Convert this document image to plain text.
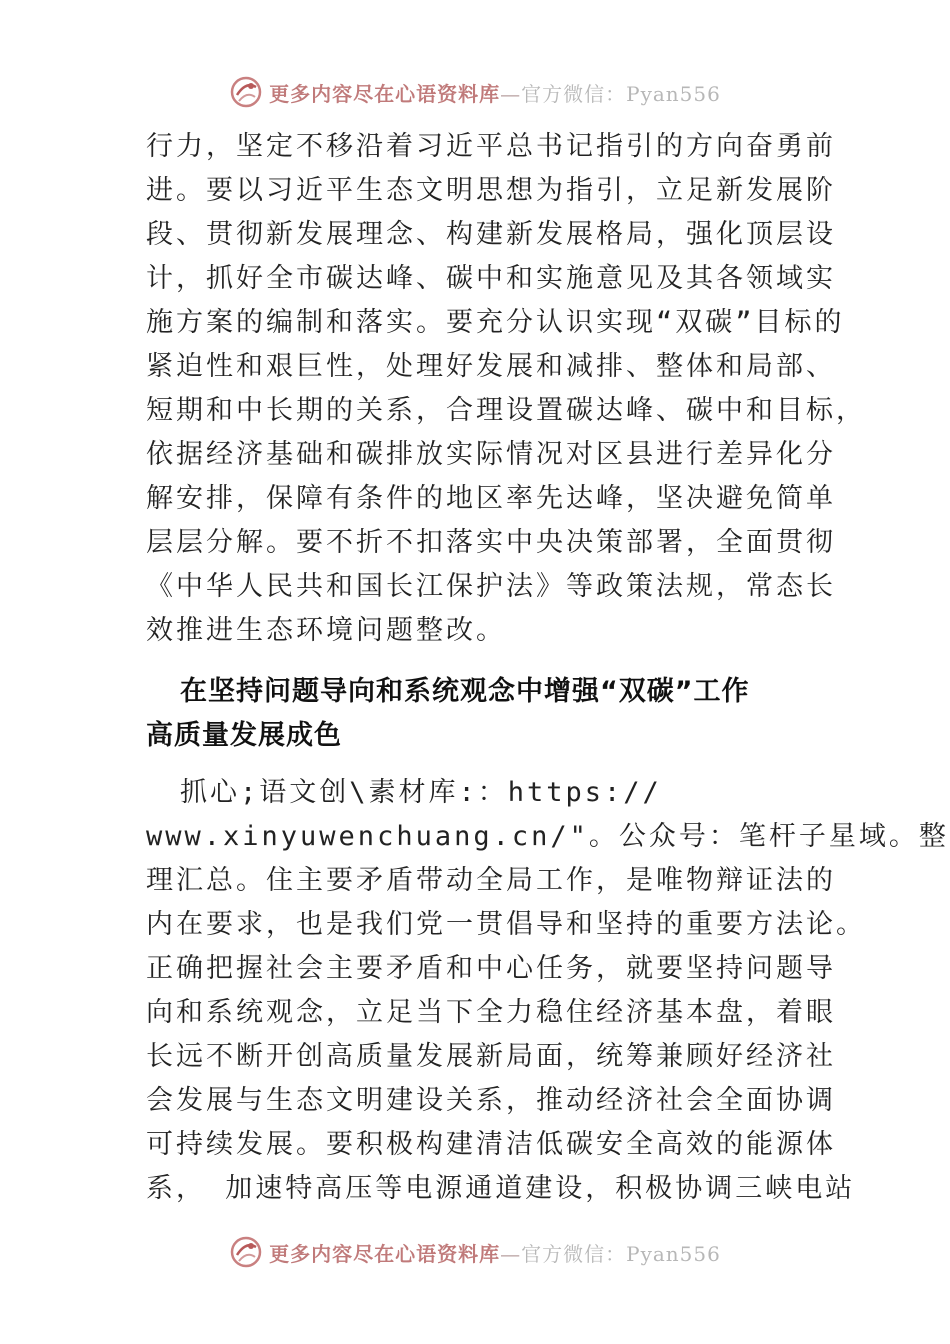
更多内容尽在心语资料库—官方微信：Pyan556
行力，坚定不移沿着习近平总书记指引的方向奋勇前
进。要以习近平生态文明思想为指引，立足新发展阶
段、贯彻新发展理念、构建新发展格局，强化顶层设
计，抓好全市碳达峰、碳中和实施意见及其各领域实
施方案的编制和落实。要充分认识实现“双碳”目标的
紧迫性和艰巨性，处理好发展和减排、整体和局部、
短期和中长期的关系，合理设置碳达峰、碳中和目标，
依据经济基础和碳排放实际情况对区县进行差异化分
解安排，保障有条件的地区率先达峰，坚决避免简单
层层分解。要不折不扣落实中央决策部署，全面贯彻
《中华人民共和国长江保护法》等政策法规，常态长
效推进生态环境问题整改。
在坚持问题导向和系统观念中增强“双碳”工作
高质量发展成色
抓心;语文创\素材库:：https://
www.xinyuwenchuang.cn/"。公众号：笔杆子星域。整
理汇总。住主要矛盾带动全局工作，是唯物辩证法的
内在要求，也是我们党一贯倡导和坚持的重要方法论。
正确把握社会主要矛盾和中心任务，就要坚持问题导
向和系统观念，立足当下全力稳住经济基本盘，着眼
长远不断开创高质量发展新局面，统筹兼顾好经济社
会发展与生态文明建设关系，推动经济社会全面协调
可持续发展。要积极构建清洁低碳安全高效的能源体
系， 加速特高压等电源通道建设，积极协调三峡电站
更多内容尽在心语资料库—官方微信：Pyan556
